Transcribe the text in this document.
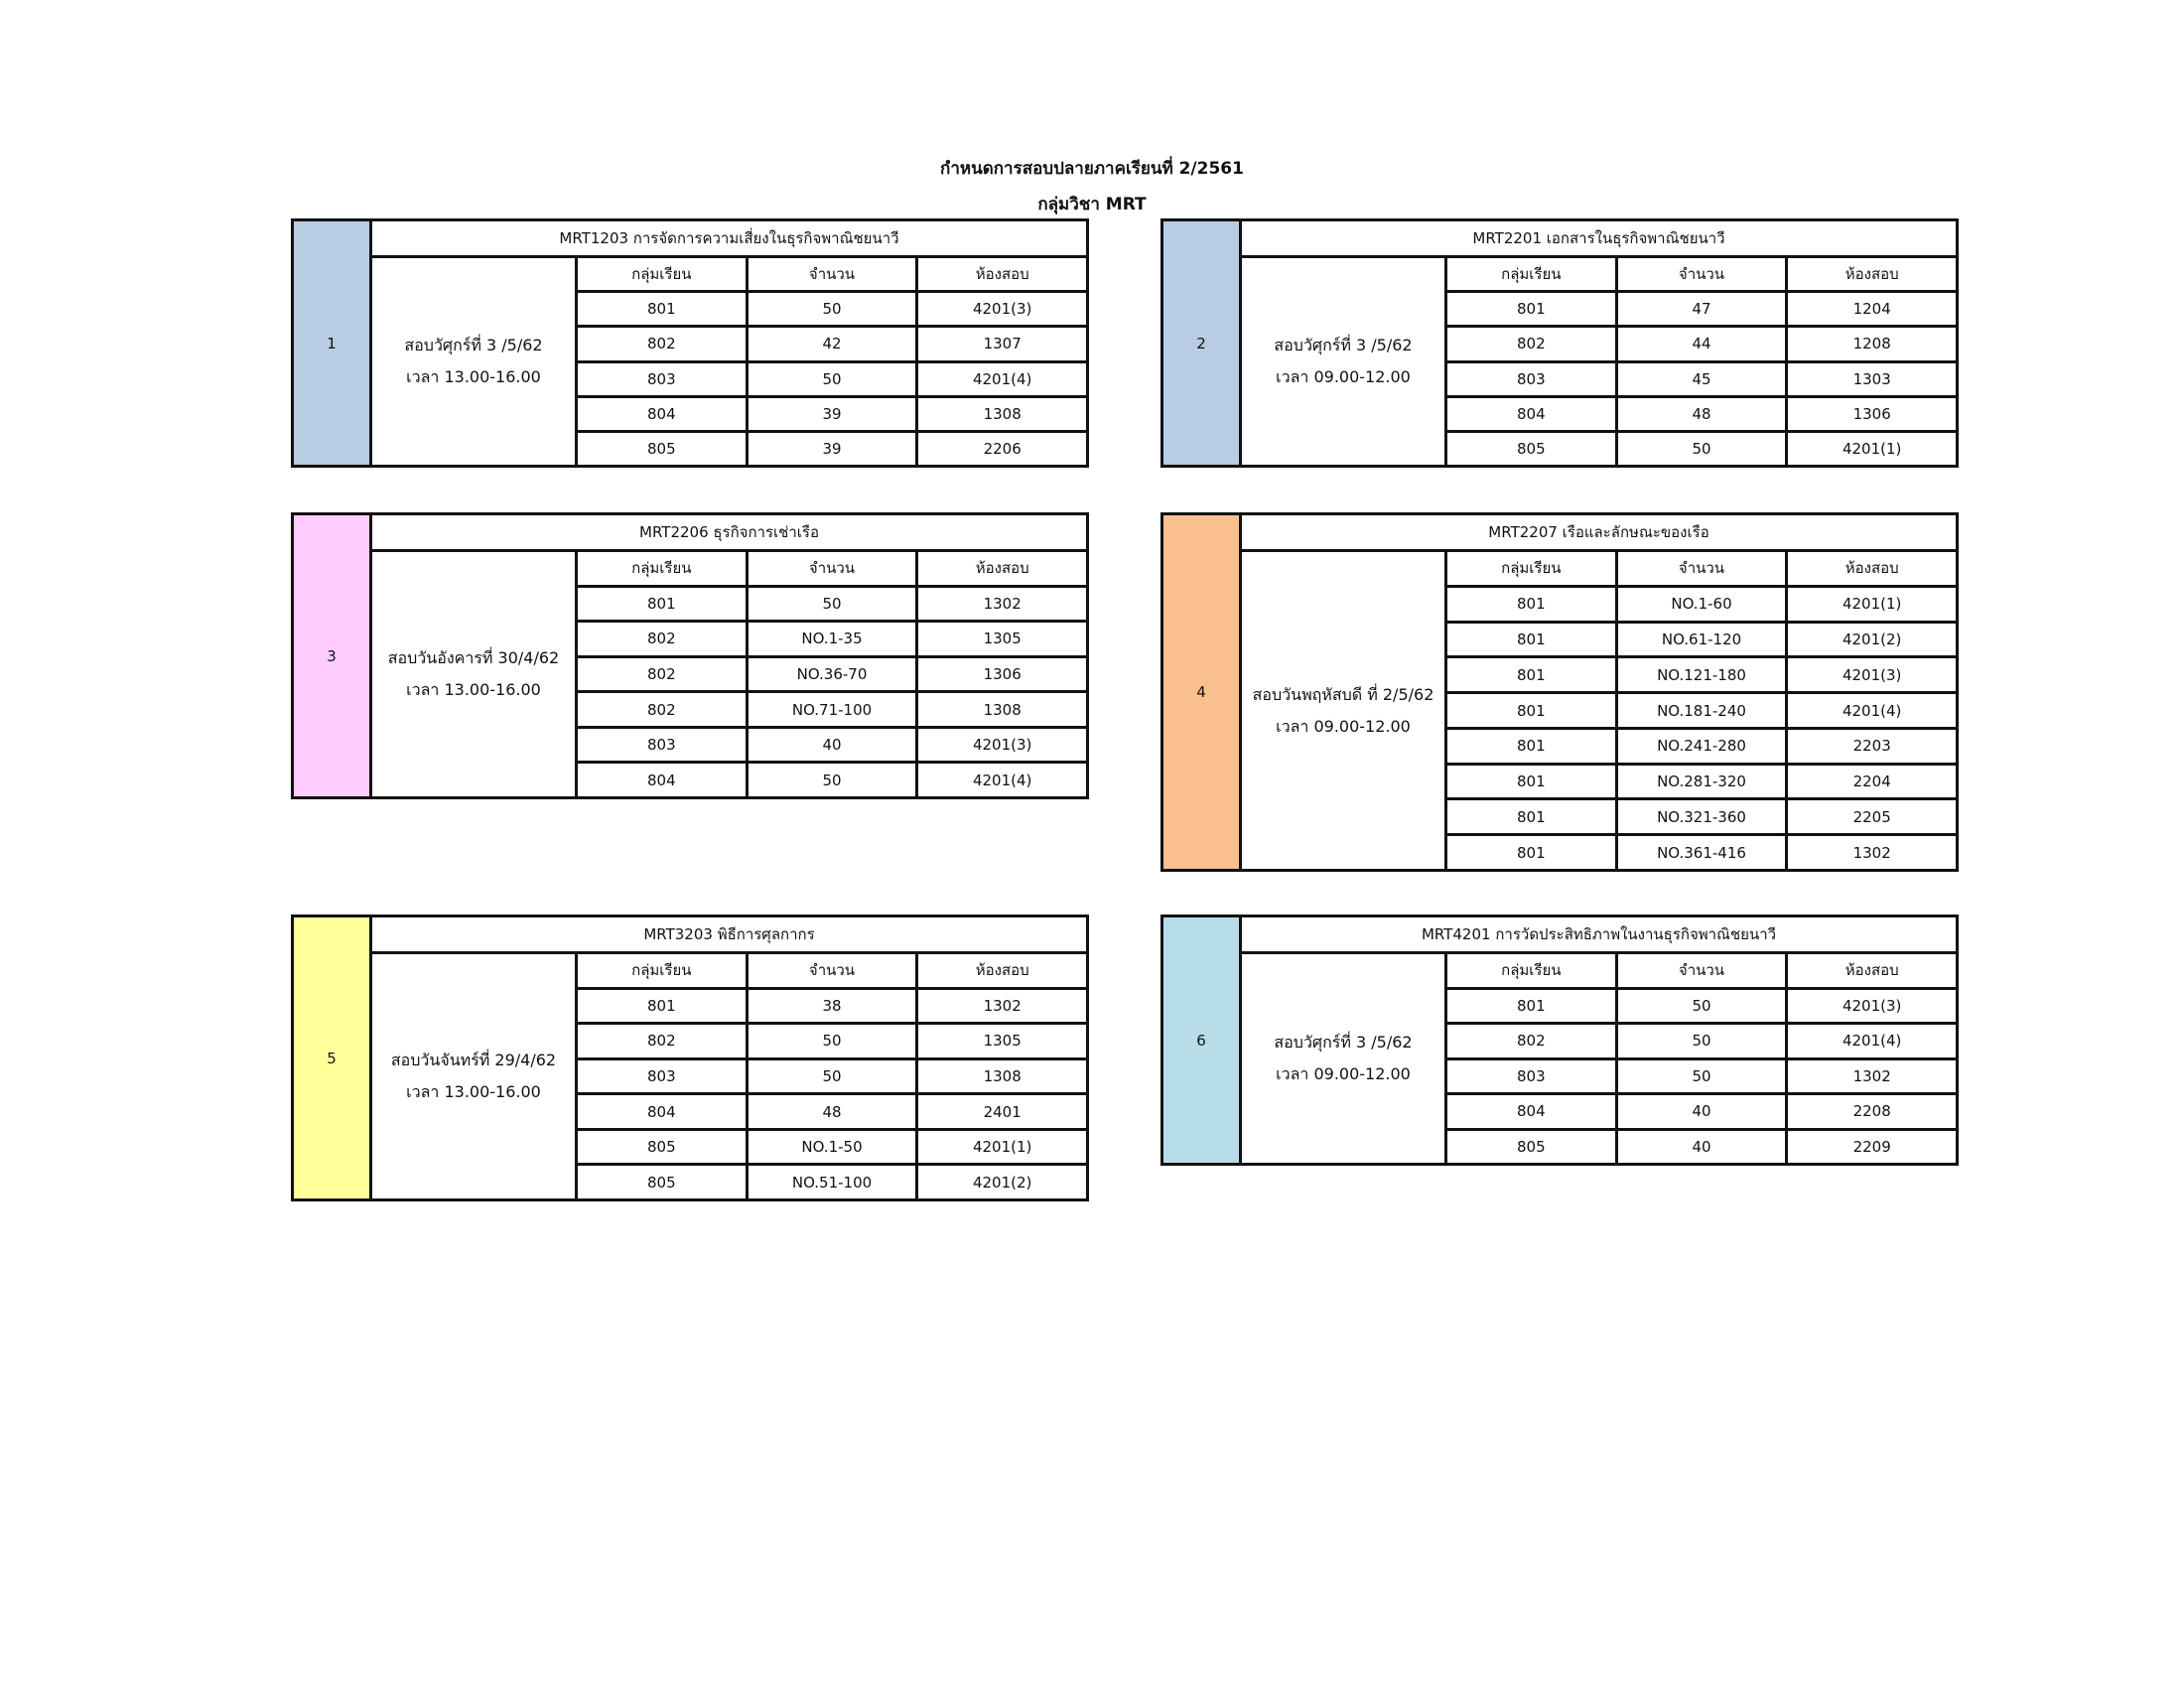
กำหนดการสอบปลายภาคเรียนที่ 2/2561
กลุ่มวิชา MRT
1
MRT1203 การจัดการความเสี่ยงในธุรกิจพาณิชยนาวี
สอบวัศุกร์ที่ 3 /5/62
เวลา 13.00-16.00
กลุ่มเรียน	จำนวน	ห้องสอบ
801	50	4201(3)
802	42	1307
803	50	4201(4)
804	39	1308
805	39	2206
2
MRT2201 เอกสารในธุรกิจพาณิชยนาวี
สอบวัศุกร์ที่ 3 /5/62
เวลา 09.00-12.00
กลุ่มเรียน	จำนวน	ห้องสอบ
801	47	1204
802	44	1208
803	45	1303
804	48	1306
805	50	4201(1)
3
MRT2206 ธุรกิจการเช่าเรือ
สอบวันอังคารที่ 30/4/62
เวลา 13.00-16.00
กลุ่มเรียน	จำนวน	ห้องสอบ
801	50	1302
802	NO.1-35	1305
802	NO.36-70	1306
802	NO.71-100	1308
803	40	4201(3)
804	50	4201(4)
4
MRT2207 เรือและลักษณะของเรือ
สอบวันพฤหัสบดี ที่ 2/5/62
เวลา 09.00-12.00
กลุ่มเรียน	จำนวน	ห้องสอบ
801	NO.1-60	4201(1)
801	NO.61-120	4201(2)
801	NO.121-180	4201(3)
801	NO.181-240	4201(4)
801	NO.241-280	2203
801	NO.281-320	2204
801	NO.321-360	2205
801	NO.361-416	1302
5
MRT3203 พิธีการศุลกากร
สอบวันจันทร์ที่ 29/4/62
เวลา 13.00-16.00
กลุ่มเรียน	จำนวน	ห้องสอบ
801	38	1302
802	50	1305
803	50	1308
804	48	2401
805	NO.1-50	4201(1)
805	NO.51-100	4201(2)
6
MRT4201 การวัดประสิทธิภาพในงานธุรกิจพาณิชยนาวี
สอบวัศุกร์ที่ 3 /5/62
เวลา 09.00-12.00
กลุ่มเรียน	จำนวน	ห้องสอบ
801	50	4201(3)
802	50	4201(4)
803	50	1302
804	40	2208
805	40	2209
